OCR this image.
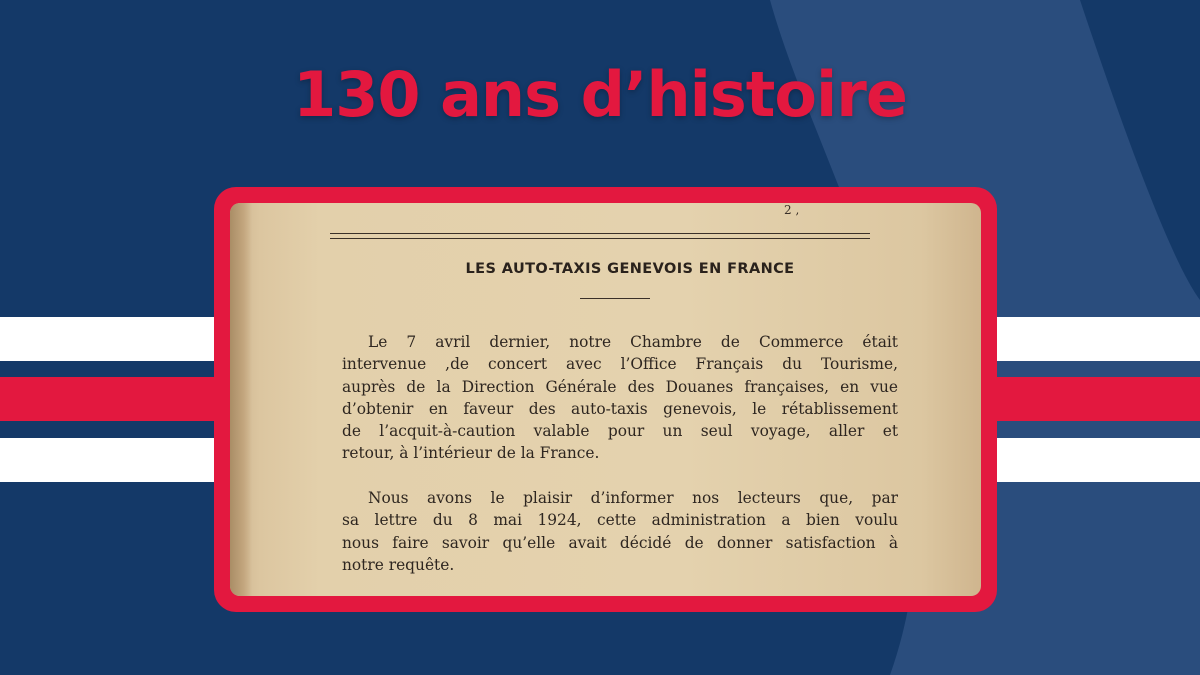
130 ans d’histoire
2 ,
LES AUTO-TAXIS GENEVOIS EN FRANCE
Le 7 avril dernier, notre Chambre de Commerce était
intervenue ,de concert avec l’Office Français du Tourisme,
auprès de la Direction Générale des Douanes françaises, en vue
d’obtenir en faveur des auto-taxis genevois, le rétablissement
de l’acquit-à-caution valable pour un seul voyage, aller et
retour, à l’intérieur de la France.
Nous avons le plaisir d’informer nos lecteurs que, par
sa lettre du 8 mai 1924, cette administration a bien voulu
nous faire savoir qu’elle avait décidé de donner satisfaction à
notre requête.
